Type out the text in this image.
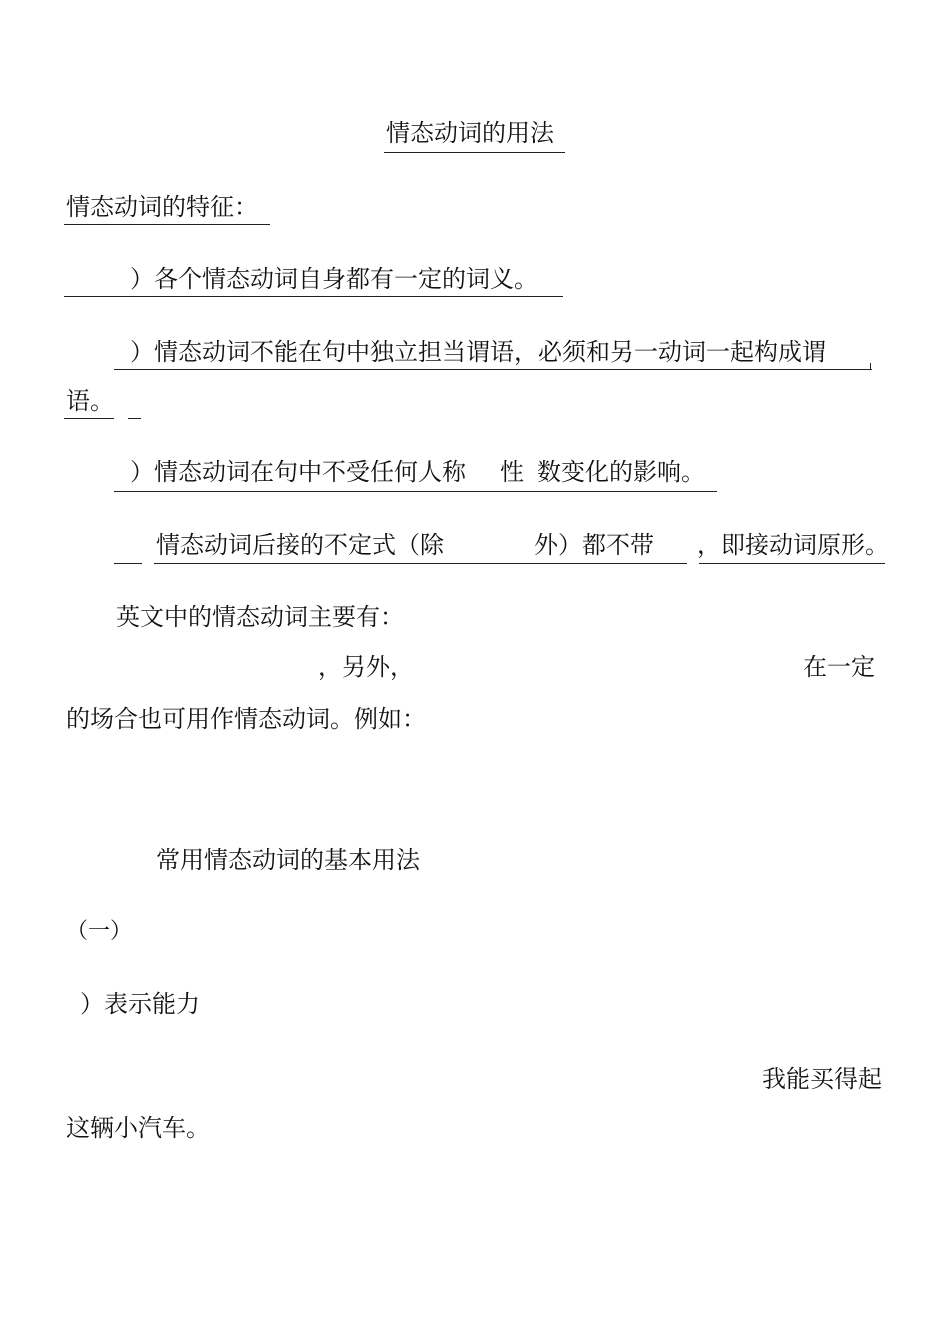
情态动词的用法
情态动词的特征：
）各个情态动词自身都有一定的词义。
）情态动词不能在句中独立担当谓语，必须和另一动词一起构成谓
语。
）情态动词在句中不受任何人称 性 数变化的影响。
情态动词后接的不定式（除	外）都不带 ，即接动词原形。
英文中的情态动词主要有：
，另外，	在一定
的场合也可用作情态动词。例如：
常用情态动词的基本用法
（一）
）表示能力
我能买得起
这辆小汽车。
